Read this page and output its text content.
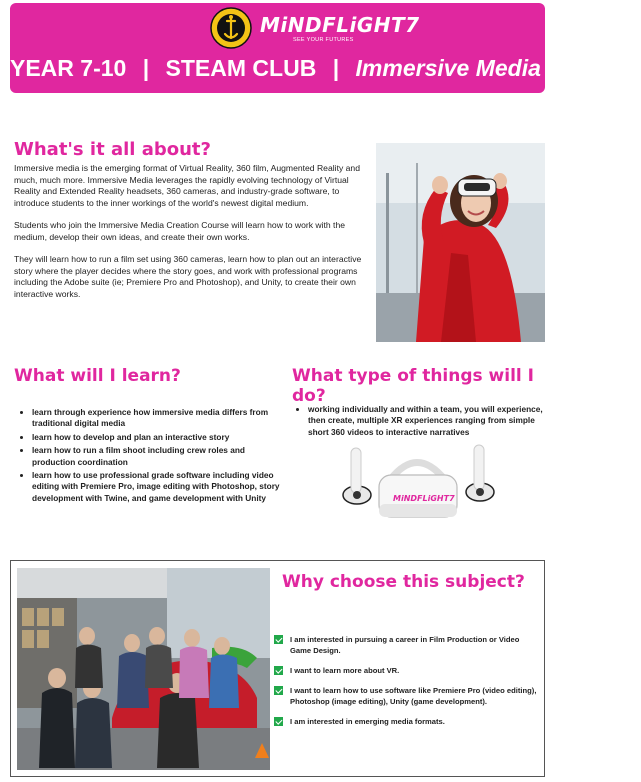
MiNDFLiGHT7
SEE YOUR FUTURES
YEAR 7-10 | STEAM CLUB | Immersive Media Creation
What's it all about?

Immersive media is the emerging format of Virtual Reality, 360 film, Augmented Reality and much, much more. Immersive Media leverages the rapidly evolving technology of Virtual Reality and Extended Reality headsets, 360 cameras, and industry-grade software, to introduce students to the inner workings of the world's newest digital medium.

Students who join the Immersive Media Creation Course will learn how to work with the medium, develop their own ideas, and create their own works.

They will learn how to run a film set using 360 cameras, learn how to plan out an interactive story where the player decides where the story goes, and work with professional programs including the Adobe suite (ie; Premiere Pro and Photoshop), and Unity, to create their own interactive works.

What will I learn?
• learn through experience how immersive media differs from traditional digital media
• learn how to develop and plan an interactive story
• learn how to run a film shoot including crew roles and production coordination
• learn how to use professional grade software including video editing with Premiere Pro, image editing with Photoshop, story development with Twine, and game development with Unity
What type of things will I do?
• working individually and within a team, you will experience, then create, multiple XR experiences ranging from simple short 360 videos to interactive narratives
MiNDFLiGHT7
Why choose this subject?
I am interested in pursuing a career in Film Production or Video Game Design.
I want to learn more about VR.
I want to learn how to use software like Premiere Pro (video editing), Photoshop (image editing), Unity (game development).
I am interested in emerging media formats.
